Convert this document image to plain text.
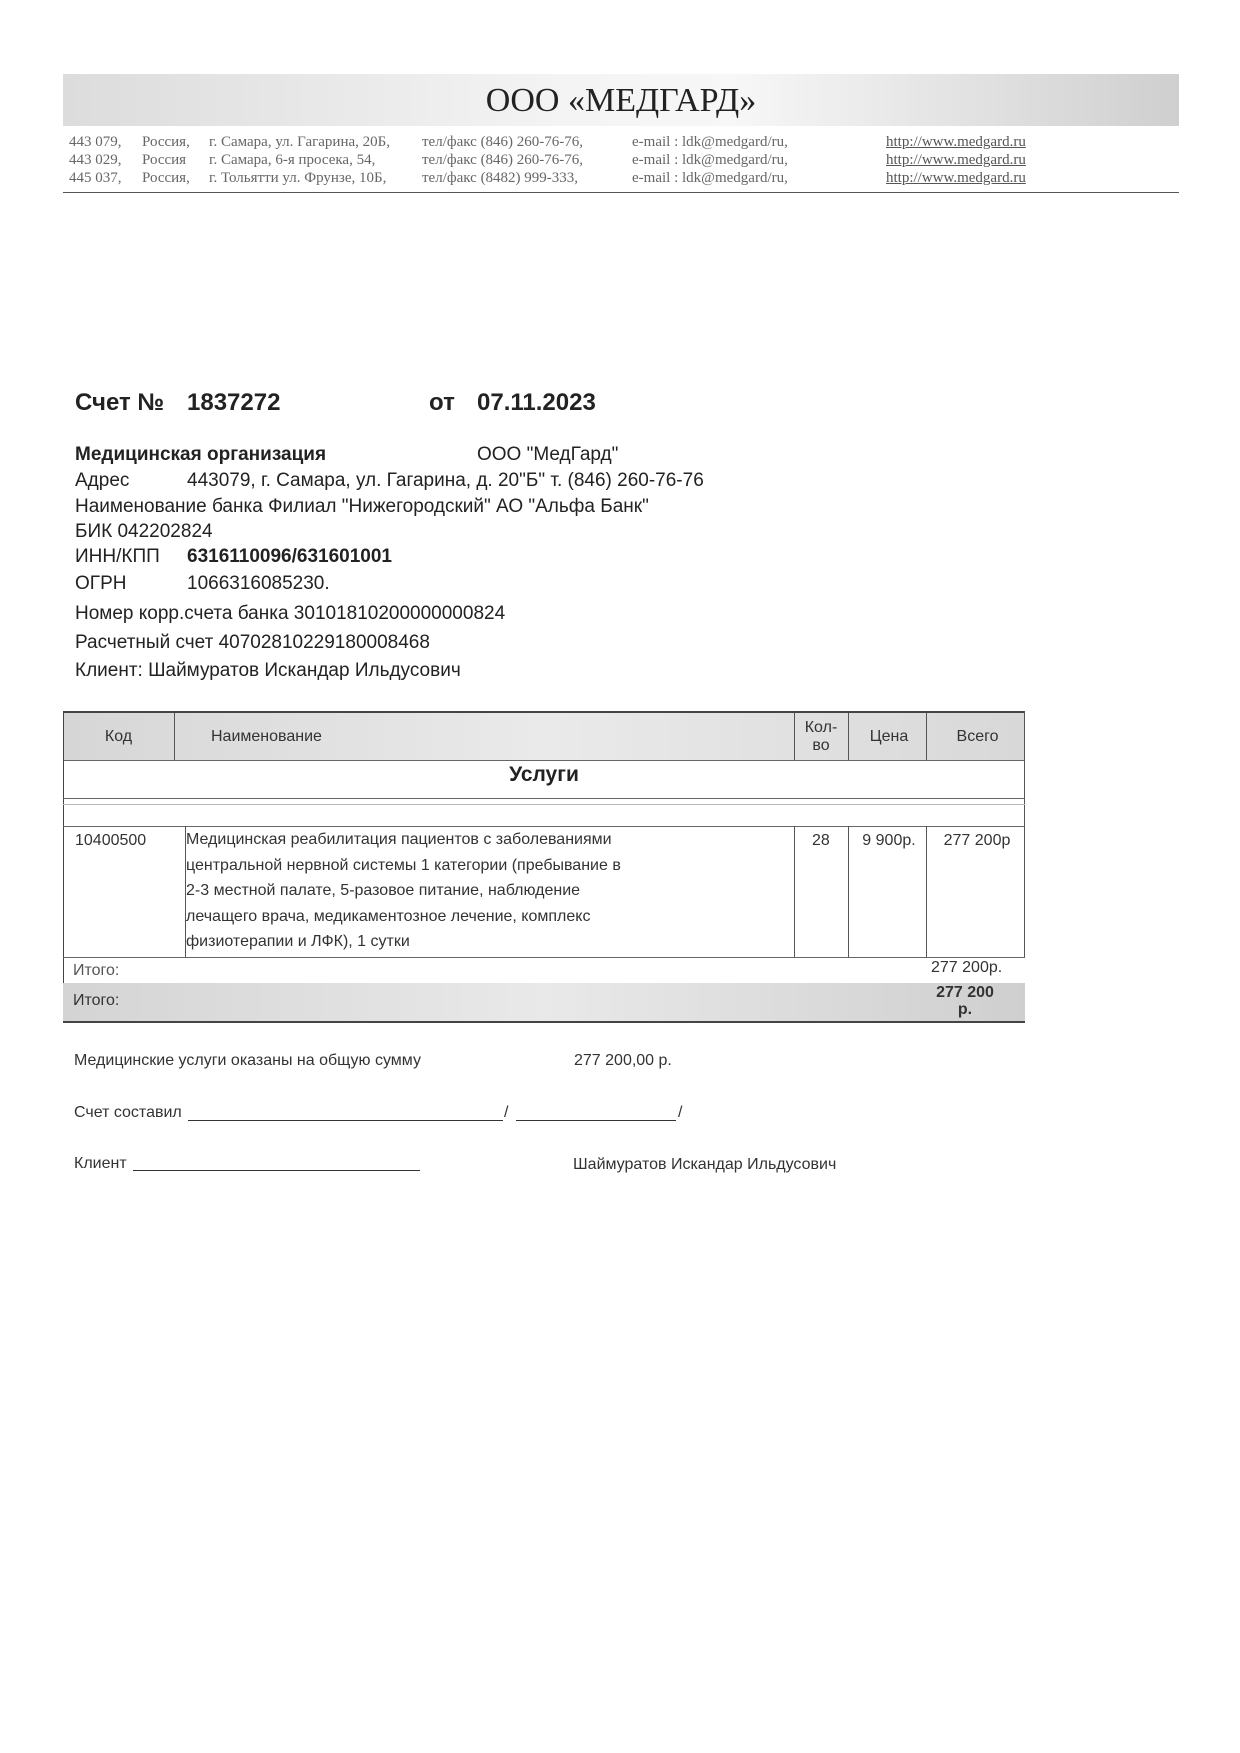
ООО «МЕДГАРД»
443 079, Россия, г. Самара, ул. Гагарина, 20Б, тел/факс (846) 260-76-76,	e-mail : ldk@medgard/ru,	http://www.medgard.ru
443 029, Россия г. Самара, 6-я просека, 54,	тел/факс (846) 260-76-76,	e-mail : ldk@medgard/ru,	http://www.medgard.ru
445 037, Россия, г. Тольятти ул. Фрунзе, 10Б, тел/факс (8482) 999-333,	e-mail : ldk@medgard/ru,	http://www.medgard.ru
Счет № 1837272	от 07.11.2023
Медицинская организация	ООО "МедГард"
Адрес	443079, г. Самара, ул. Гагарина, д. 20"Б" т. (846) 260-76-76
Наименование банка Филиал "Нижегородский" АО "Альфа Банк"
БИК 042202824
ИНН/КПП 6316110096/631601001
ОГРН	1066316085230.
Номер корр.счета банка 30101810200000000824
Расчетный счет 40702810229180008468
Клиент: Шаймуратов Искандар Ильдусович
Код	Наименование
Кол-
во
Цена	Всего
Услуги
10400500 Медицинская реабилитация пациентов с заболеваниями
центральной нервной системы 1 категории (пребывание в
2-3 местной палате, 5-разовое питание, наблюдение
лечащего врача, медикаментозное лечение, комплекс
физиотерапии и ЛФК), 1 сутки
28	9 900р.	277 200р
Итого:	277 200р.
Итого:	277 200
р.
Медицинские услуги оказаны на общую сумму	277 200,00 р.
Счет составил	/	/
Клиент	Шаймуратов Искандар Ильдусович
